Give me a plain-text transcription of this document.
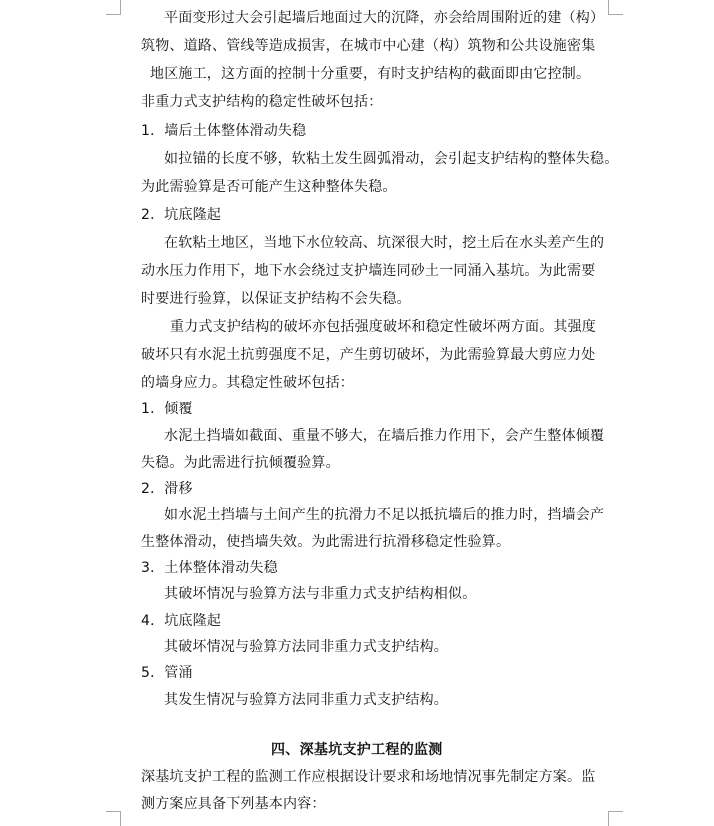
平面变形过大会引起墙后地面过大的沉降，亦会给周围附近的建（构）
筑物、道路、管线等造成损害，在城市中心建（构）筑物和公共设施密集
地区施工，这方面的控制十分重要，有时支护结构的截面即由它控制。
非重力式支护结构的稳定性破坏包括：
1．墙后土体整体滑动失稳
如拉锚的长度不够，软粘土发生圆弧滑动，会引起支护结构的整体失稳。
为此需验算是否可能产生这种整体失稳。
2．坑底隆起
在软粘土地区，当地下水位较高、坑深很大时，挖土后在水头差产生的
动水压力作用下，地下水会绕过支护墙连同砂土一同涌入基坑。为此需要
时要进行验算，以保证支护结构不会失稳。
重力式支护结构的破坏亦包括强度破坏和稳定性破坏两方面。其强度
破坏只有水泥土抗剪强度不足，产生剪切破坏，为此需验算最大剪应力处
的墙身应力。其稳定性破坏包括：
1．倾覆
水泥土挡墙如截面、重量不够大，在墙后推力作用下，会产生整体倾覆
失稳。为此需进行抗倾覆验算。
2．滑移
如水泥土挡墙与土间产生的抗滑力不足以抵抗墙后的推力时，挡墙会产
生整体滑动，使挡墙失效。为此需进行抗滑移稳定性验算。
3．土体整体滑动失稳
其破坏情况与验算方法与非重力式支护结构相似。
4．坑底隆起
其破坏情况与验算方法同非重力式支护结构。
5．管涌
其发生情况与验算方法同非重力式支护结构。
四、深基坑支护工程的监测
深基坑支护工程的监测工作应根据设计要求和场地情况事先制定方案。监
测方案应具备下列基本内容：
